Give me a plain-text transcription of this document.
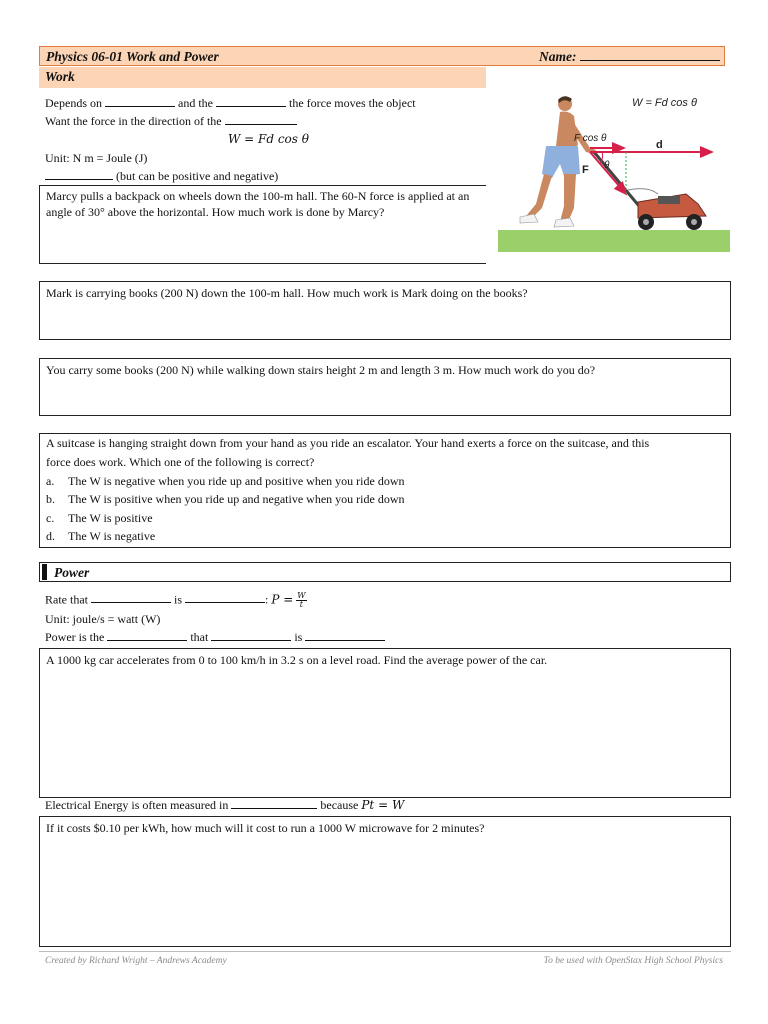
Physics 06-01 Work and Power	Name:
Work
Depends on	and the	the force moves the object
Want the force in the direction of the
W = Fd cos θ
Unit: N m = Joule (J)
(but can be positive and negative)
W = Fd cos θ
F cos θ
d
F θ

Marcy pulls a backpack on wheels down the 100-m hall. The 60-N force is applied at an angle of 30° above the horizontal. How much work is done by Marcy?

Mark is carrying books (200 N) down the 100-m hall. How much work is Mark doing on the books?

You carry some books (200 N) while walking down stairs height 2 m and length 3 m. How much work do you do?

A suitcase is hanging straight down from your hand as you ride an escalator. Your hand exerts a force on the suitcase, and this
force does work. Which one of the following is correct?
a. The W is negative when you ride up and positive when you ride down
b. The W is positive when you ride up and negative when you ride down
c. The W is positive
d. The W is negative
Power
Rate that	is	: $P = \frac{W}{t}$
Unit: joule/s = watt (W)
Power is the	that	is

A 1000 kg car accelerates from 0 to 100 km/h in 3.2 s on a level road. Find the average power of the car.

Electrical Energy is often measured in	because Pt = W

If it costs $0.10 per kWh, how much will it cost to run a 1000 W microwave for 2 minutes?

Created by Richard Wright – Andrews Academy	To be used with OpenStax High School Physics
